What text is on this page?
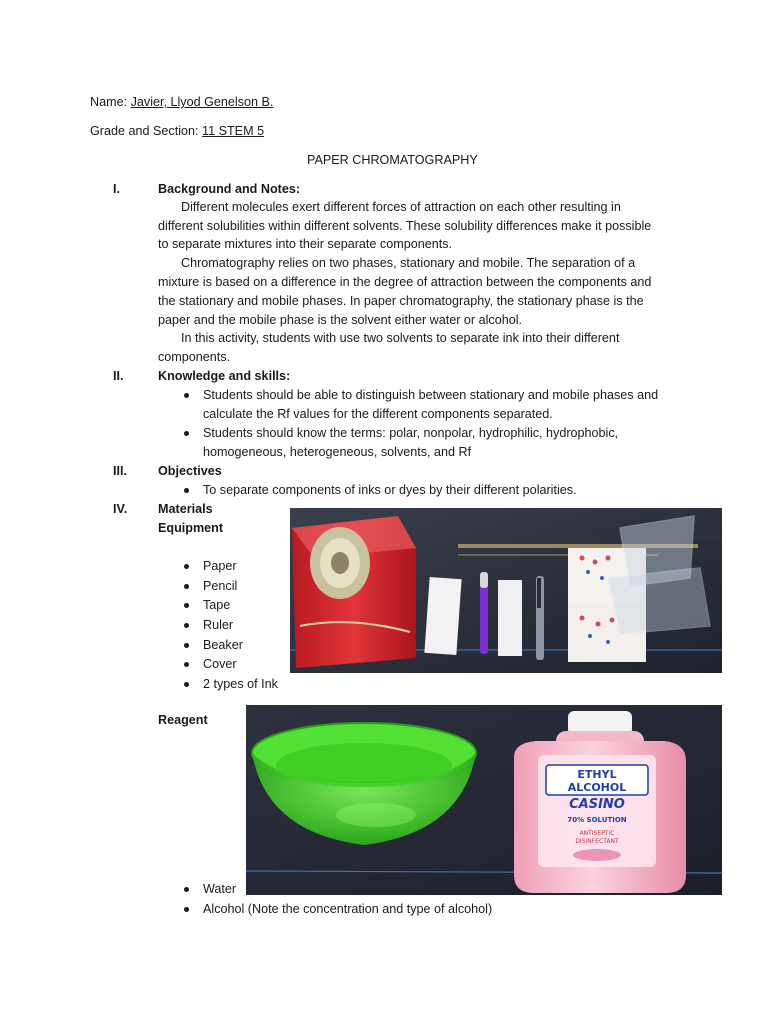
Name: Javier, Llyod Genelson B.
Grade and Section: 11 STEM 5
PAPER CHROMATOGRAPHY
I.	Background and Notes:
Different molecules exert different forces of attraction on each other resulting in
different solubilities within different solvents. These solubility differences make it possible
to separate mixtures into their separate components.
Chromatography relies on two phases, stationary and mobile. The separation of a
mixture is based on a difference in the degree of attraction between the components and
the stationary and mobile phases. In paper chromatography, the stationary phase is the
paper and the mobile phase is the solvent either water or alcohol.
In this activity, students with use two solvents to separate ink into their different
components.
II.	Knowledge and skills:
Students should be able to distinguish between stationary and mobile phases and
calculate the Rf values for the different components separated.
Students should know the terms: polar, nonpolar, hydrophilic, hydrophobic,
homogeneous, heterogeneous, solvents, and Rf
III. Objectives
To separate components of inks or dyes by their different polarities.
IV. Materials
Equipment
Paper
Pencil
Tape
Ruler
Beaker
Cover
2 types of Ink
Reagent
ETHYL
ALCOHOL
CASINO
70% SOLUTION
ANTISEPTIC
DISINFECTANT
Water
Alcohol (Note the concentration and type of alcohol)
